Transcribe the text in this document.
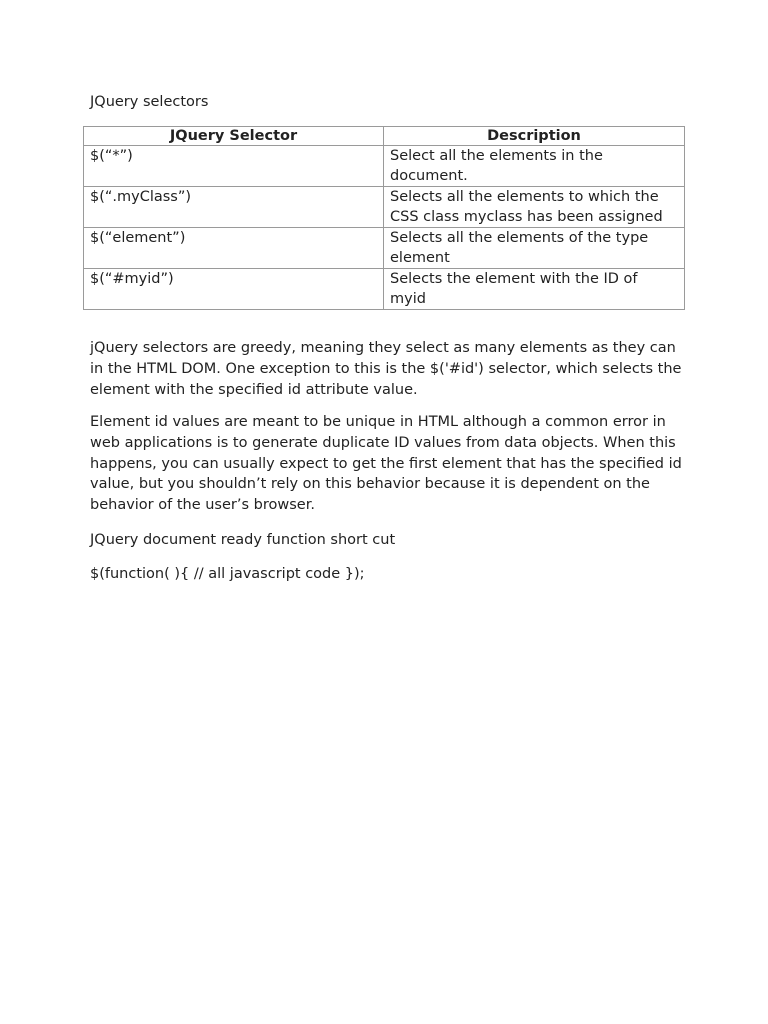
JQuery selectors

JQuery Selector	Description
$(“*”)	Select all the elements in the document.
$(“.myClass”)	Selects all the elements to which the CSS class myclass has been assigned
$(“element”)	Selects all the elements of the type element
$(“#myid”)	Selects the element with the ID of myid

jQuery selectors are greedy, meaning they select as many elements as they can in the HTML DOM. One exception to this is the $('#id') selector, which selects the element with the specified id attribute value.

Element id values are meant to be unique in HTML although a common error in web applications is to generate duplicate ID values from data objects. When this happens, you can usually expect to get the first element that has the specified id value, but you shouldn’t rely on this behavior because it is dependent on the behavior of the user’s browser.

JQuery document ready function short cut

$(function( ){ // all javascript code });
